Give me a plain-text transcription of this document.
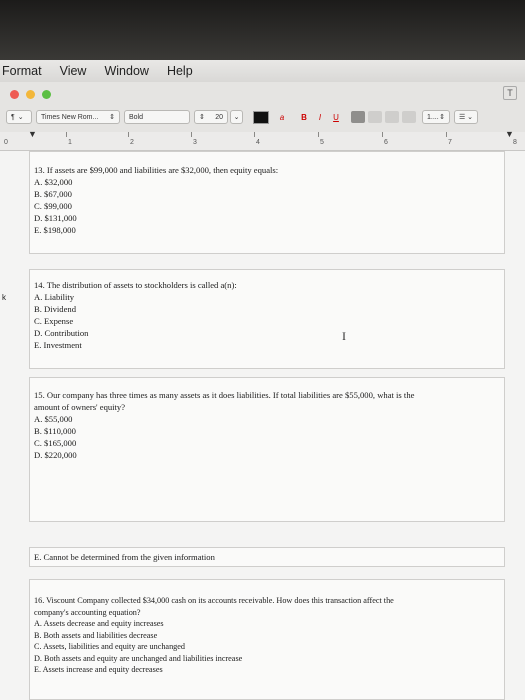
Format View Window Help
T
¶ ⌄ Times New Rom... ⇕ Bold	⇕ 20 ⌄	a	B	I	U	1.... ⇕ ☰ ⌄
0	1	2	3	4	5	6	7	8
▼	▼
13. If assets are $99,000 and liabilities are $32,000, then equity equals:
A. $32,000
B. $67,000
C. $99,000
D. $131,000
E. $198,000
k
14. The distribution of assets to stockholders is called a(n):
A. Liability
B. Dividend
C. Expense
D. Contribution
E. Investment
I
15. Our company has three times as many assets as it does liabilities. If total liabilities are $55,000, what is the
amount of owners' equity?
A. $55,000
B. $110,000
C. $165,000
D. $220,000
E. Cannot be determined from the given information
16. Viscount Company collected $34,000 cash on its accounts receivable. How does this transaction affect the
company's accounting equation?
A. Assets decrease and equity increases
B. Both assets and liabilities decrease
C. Assets, liabilities and equity are unchanged
D. Both assets and equity are unchanged and liabilities increase
E. Assets increase and equity decreases
